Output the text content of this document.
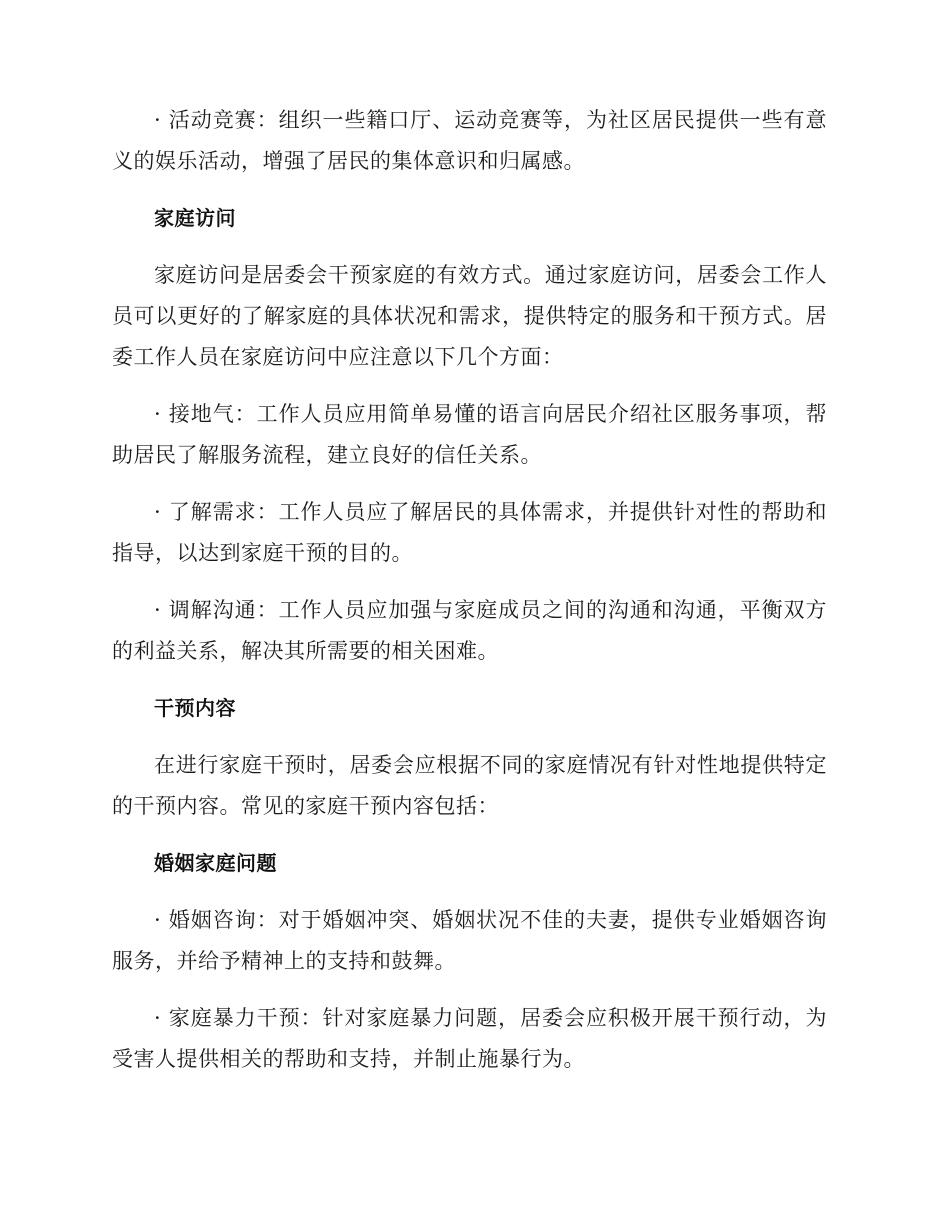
· 活动竞赛：组织一些籍口厅、运动竞赛等，为社区居民提供一些有意义的娱乐活动，增强了居民的集体意识和归属感。

家庭访问

家庭访问是居委会干预家庭的有效方式。通过家庭访问，居委会工作人员可以更好的了解家庭的具体状况和需求，提供特定的服务和干预方式。居委工作人员在家庭访问中应注意以下几个方面：

· 接地气：工作人员应用简单易懂的语言向居民介绍社区服务事项，帮助居民了解服务流程，建立良好的信任关系。

· 了解需求：工作人员应了解居民的具体需求，并提供针对性的帮助和指导，以达到家庭干预的目的。

· 调解沟通：工作人员应加强与家庭成员之间的沟通和沟通，平衡双方的利益关系，解决其所需要的相关困难。

干预内容

在进行家庭干预时，居委会应根据不同的家庭情况有针对性地提供特定的干预内容。常见的家庭干预内容包括：

婚姻家庭问题

· 婚姻咨询：对于婚姻冲突、婚姻状况不佳的夫妻，提供专业婚姻咨询服务，并给予精神上的支持和鼓舞。

· 家庭暴力干预：针对家庭暴力问题，居委会应积极开展干预行动，为受害人提供相关的帮助和支持，并制止施暴行为。
